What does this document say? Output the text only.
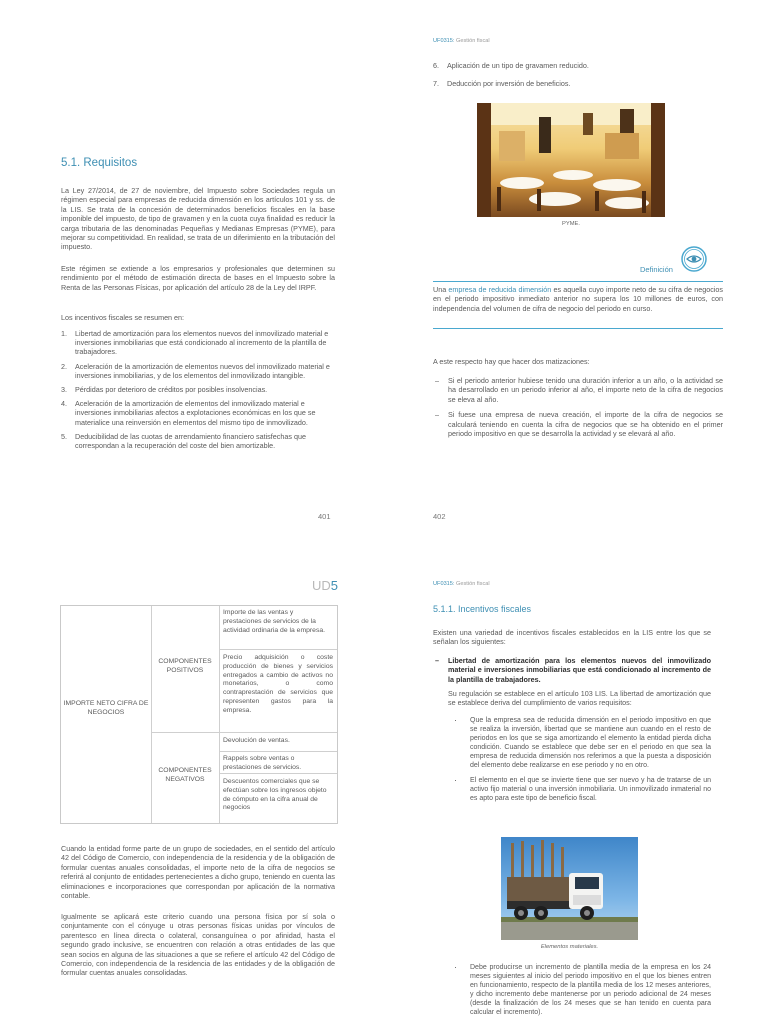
5.1. Requisitos

La Ley 27/2014, de 27 de noviembre, del Impuesto sobre Sociedades regula un régimen especial para empresas de reducida dimensión en los artículos 101 y ss. de la LIS. Se trata de la concesión de determinados beneficios fiscales en la base imponible del impuesto, de tipo de gravamen y en la cuota cuya finalidad es reducir la carga tributaria de las denominadas Pequeñas y Medianas Empresas (PYME), para mejorar su competitividad. En realidad, se trata de un diferimiento en la tributación del impuesto.

Este régimen se extiende a los empresarios y profesionales que determinen su rendimiento por el método de estimación directa de bases en el Impuesto sobre la Renta de las Personas Físicas, por aplicación del artículo 28 de la Ley del IRPF.

Los incentivos fiscales se resumen en:

1. Libertad de amortización para los elementos nuevos del inmovilizado material e inversiones inmobiliarias que está condicionado al incremento de la plantilla de trabajadores.
2. Aceleración de la amortización de elementos nuevos del inmovilizado material e inversiones inmobiliarias, y de los elementos del inmovilizado intangible.
3. Pérdidas por deterioro de créditos por posibles insolvencias.
4. Aceleración de la amortización de elementos del inmovilizado material e inversiones inmobiliarias afectos a explotaciones económicas en los que se materialice una reinversión en elementos del mismo tipo de inmovilizado.
5. Deducibilidad de las cuotas de arrendamiento financiero satisfechas que correspondan a la recuperación del coste del bien amortizable.
401
UF0315: Gestión fiscal
6. Aplicación de un tipo de gravamen reducido.
7. Deducción por inversión de beneficios.
PYME.
Definición

Una empresa de reducida dimensión es aquella cuyo importe neto de su cifra de negocios en el periodo impositivo inmediato anterior no supera los 10 millones de euros, con independencia del volumen de cifra de negocio del periodo en curso.

A este respecto hay que hacer dos matizaciones:

– Si el periodo anterior hubiese tenido una duración inferior a un año, o la actividad se ha desarrollado en un periodo inferior al año, el importe neto de la cifra de negocios se eleva al año.
– Si fuese una empresa de nueva creación, el importe de la cifra de negocios se calculará teniendo en cuenta la cifra de negocios que se ha obtenido en el primer periodo impositivo en que se desarrolla la actividad y se elevará al año.
402
UD5
IMPORTE NETO CIFRA DE NEGOCIOS
COMPONENTES POSITIVOS
COMPONENTES NEGATIVOS
Importe de las ventas y prestaciones de servicios de la actividad ordinaria de la empresa.
Precio adquisición o coste producción de bienes y servicios entregados a cambio de activos no monetarios, o como contraprestación de servicios que representen gastos para la empresa.
Devolución de ventas.
Rappels sobre ventas o prestaciones de servicios.
Descuentos comerciales que se efectúan sobre los ingresos objeto de cómputo en la cifra anual de negocios

Cuando la entidad forme parte de un grupo de sociedades, en el sentido del artículo 42 del Código de Comercio, con independencia de la residencia y de la obligación de formular cuentas anuales consolidadas, el importe neto de la cifra de negocios se referirá al conjunto de entidades pertenecientes a dicho grupo, teniendo en cuenta las eliminaciones e incorporaciones que correspondan por aplicación de la normativa contable.

Igualmente se aplicará este criterio cuando una persona física por sí sola o conjuntamente con el cónyuge u otras personas físicas unidas por vínculos de parentesco en línea directa o colateral, consanguínea o por afinidad, hasta el segundo grado inclusive, se encuentren con relación a otras entidades de las que sean socios en alguna de las situaciones a que se refiere el artículo 42 del Código de Comercio, con independencia de la residencia de las entidades y de la obligación de formular cuentas anuales consolidadas.

UF0315: Gestión fiscal

5.1.1. Incentivos fiscales

Existen una variedad de incentivos fiscales establecidos en la LIS entre los que se señalan los siguientes:

– Libertad de amortización para los elementos nuevos del inmovilizado material e inversiones inmobiliarias que está condicionado al incremento de la plantilla de trabajadores.

Su regulación se establece en el artículo 103 LIS. La libertad de amortización que se establece deriva del cumplimiento de varios requisitos:

· Que la empresa sea de reducida dimensión en el periodo impositivo en que se realiza la inversión, libertad que se mantiene aun cuando en el resto de periodos en los que se siga amortizando el elemento la entidad pierda dicha condición. Cuando se establece que debe ser en el periodo en que sea la empresa de reducida dimensión nos referimos a que la puesta a disposición del elemento debe realizarse en ese periodo y no en otro.
· El elemento en el que se invierte tiene que ser nuevo y ha de tratarse de un activo fijo material o una inversión inmobiliaria. Un inmovilizado inmaterial no es apto para este tipo de beneficio fiscal.
Elementos materiales.
· Debe producirse un incremento de plantilla media de la empresa en los 24 meses siguientes al inicio del periodo impositivo en el que los bienes entren en funcionamiento, respecto de la plantilla media de los 12 meses anteriores, y dicho incremento debe mantenerse por un periodo adicional de 24 meses (desde la finalización de los 24 meses que se han tenido en cuenta para calcular el incremento).
